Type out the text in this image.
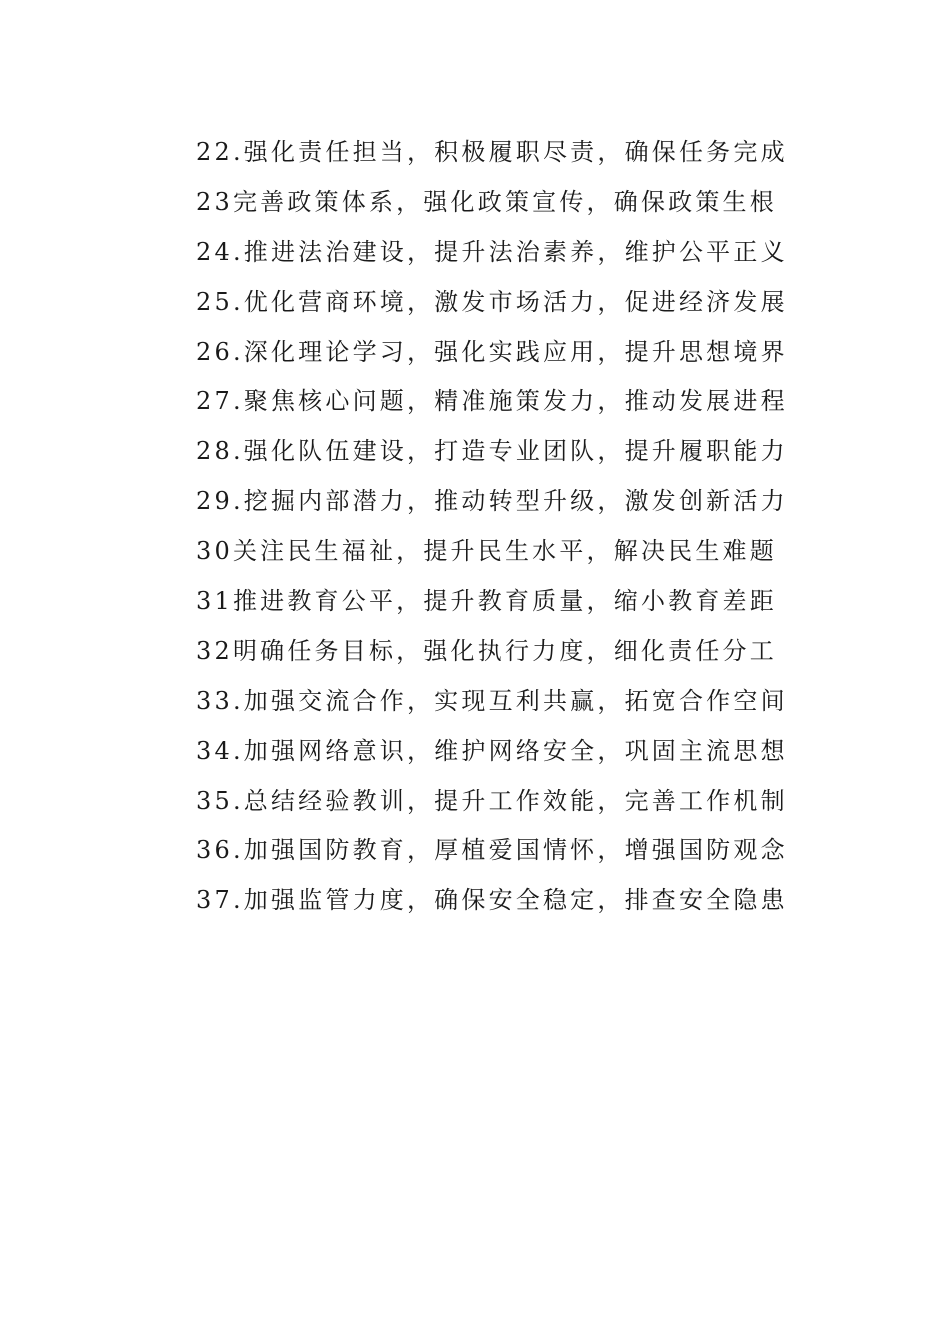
22.强化责任担当，积极履职尽责，确保任务完成
23完善政策体系，强化政策宣传，确保政策生根
24.推进法治建设，提升法治素养，维护公平正义
25.优化营商环境，激发市场活力，促进经济发展
26.深化理论学习，强化实践应用，提升思想境界
27.聚焦核心问题，精准施策发力，推动发展进程
28.强化队伍建设，打造专业团队，提升履职能力
29.挖掘内部潜力，推动转型升级，激发创新活力
30关注民生福祉，提升民生水平，解决民生难题
31推进教育公平，提升教育质量，缩小教育差距
32明确任务目标，强化执行力度，细化责任分工
33.加强交流合作，实现互利共赢，拓宽合作空间
34.加强网络意识，维护网络安全，巩固主流思想
35.总结经验教训，提升工作效能，完善工作机制
36.加强国防教育，厚植爱国情怀，增强国防观念
37.加强监管力度，确保安全稳定，排查安全隐患
